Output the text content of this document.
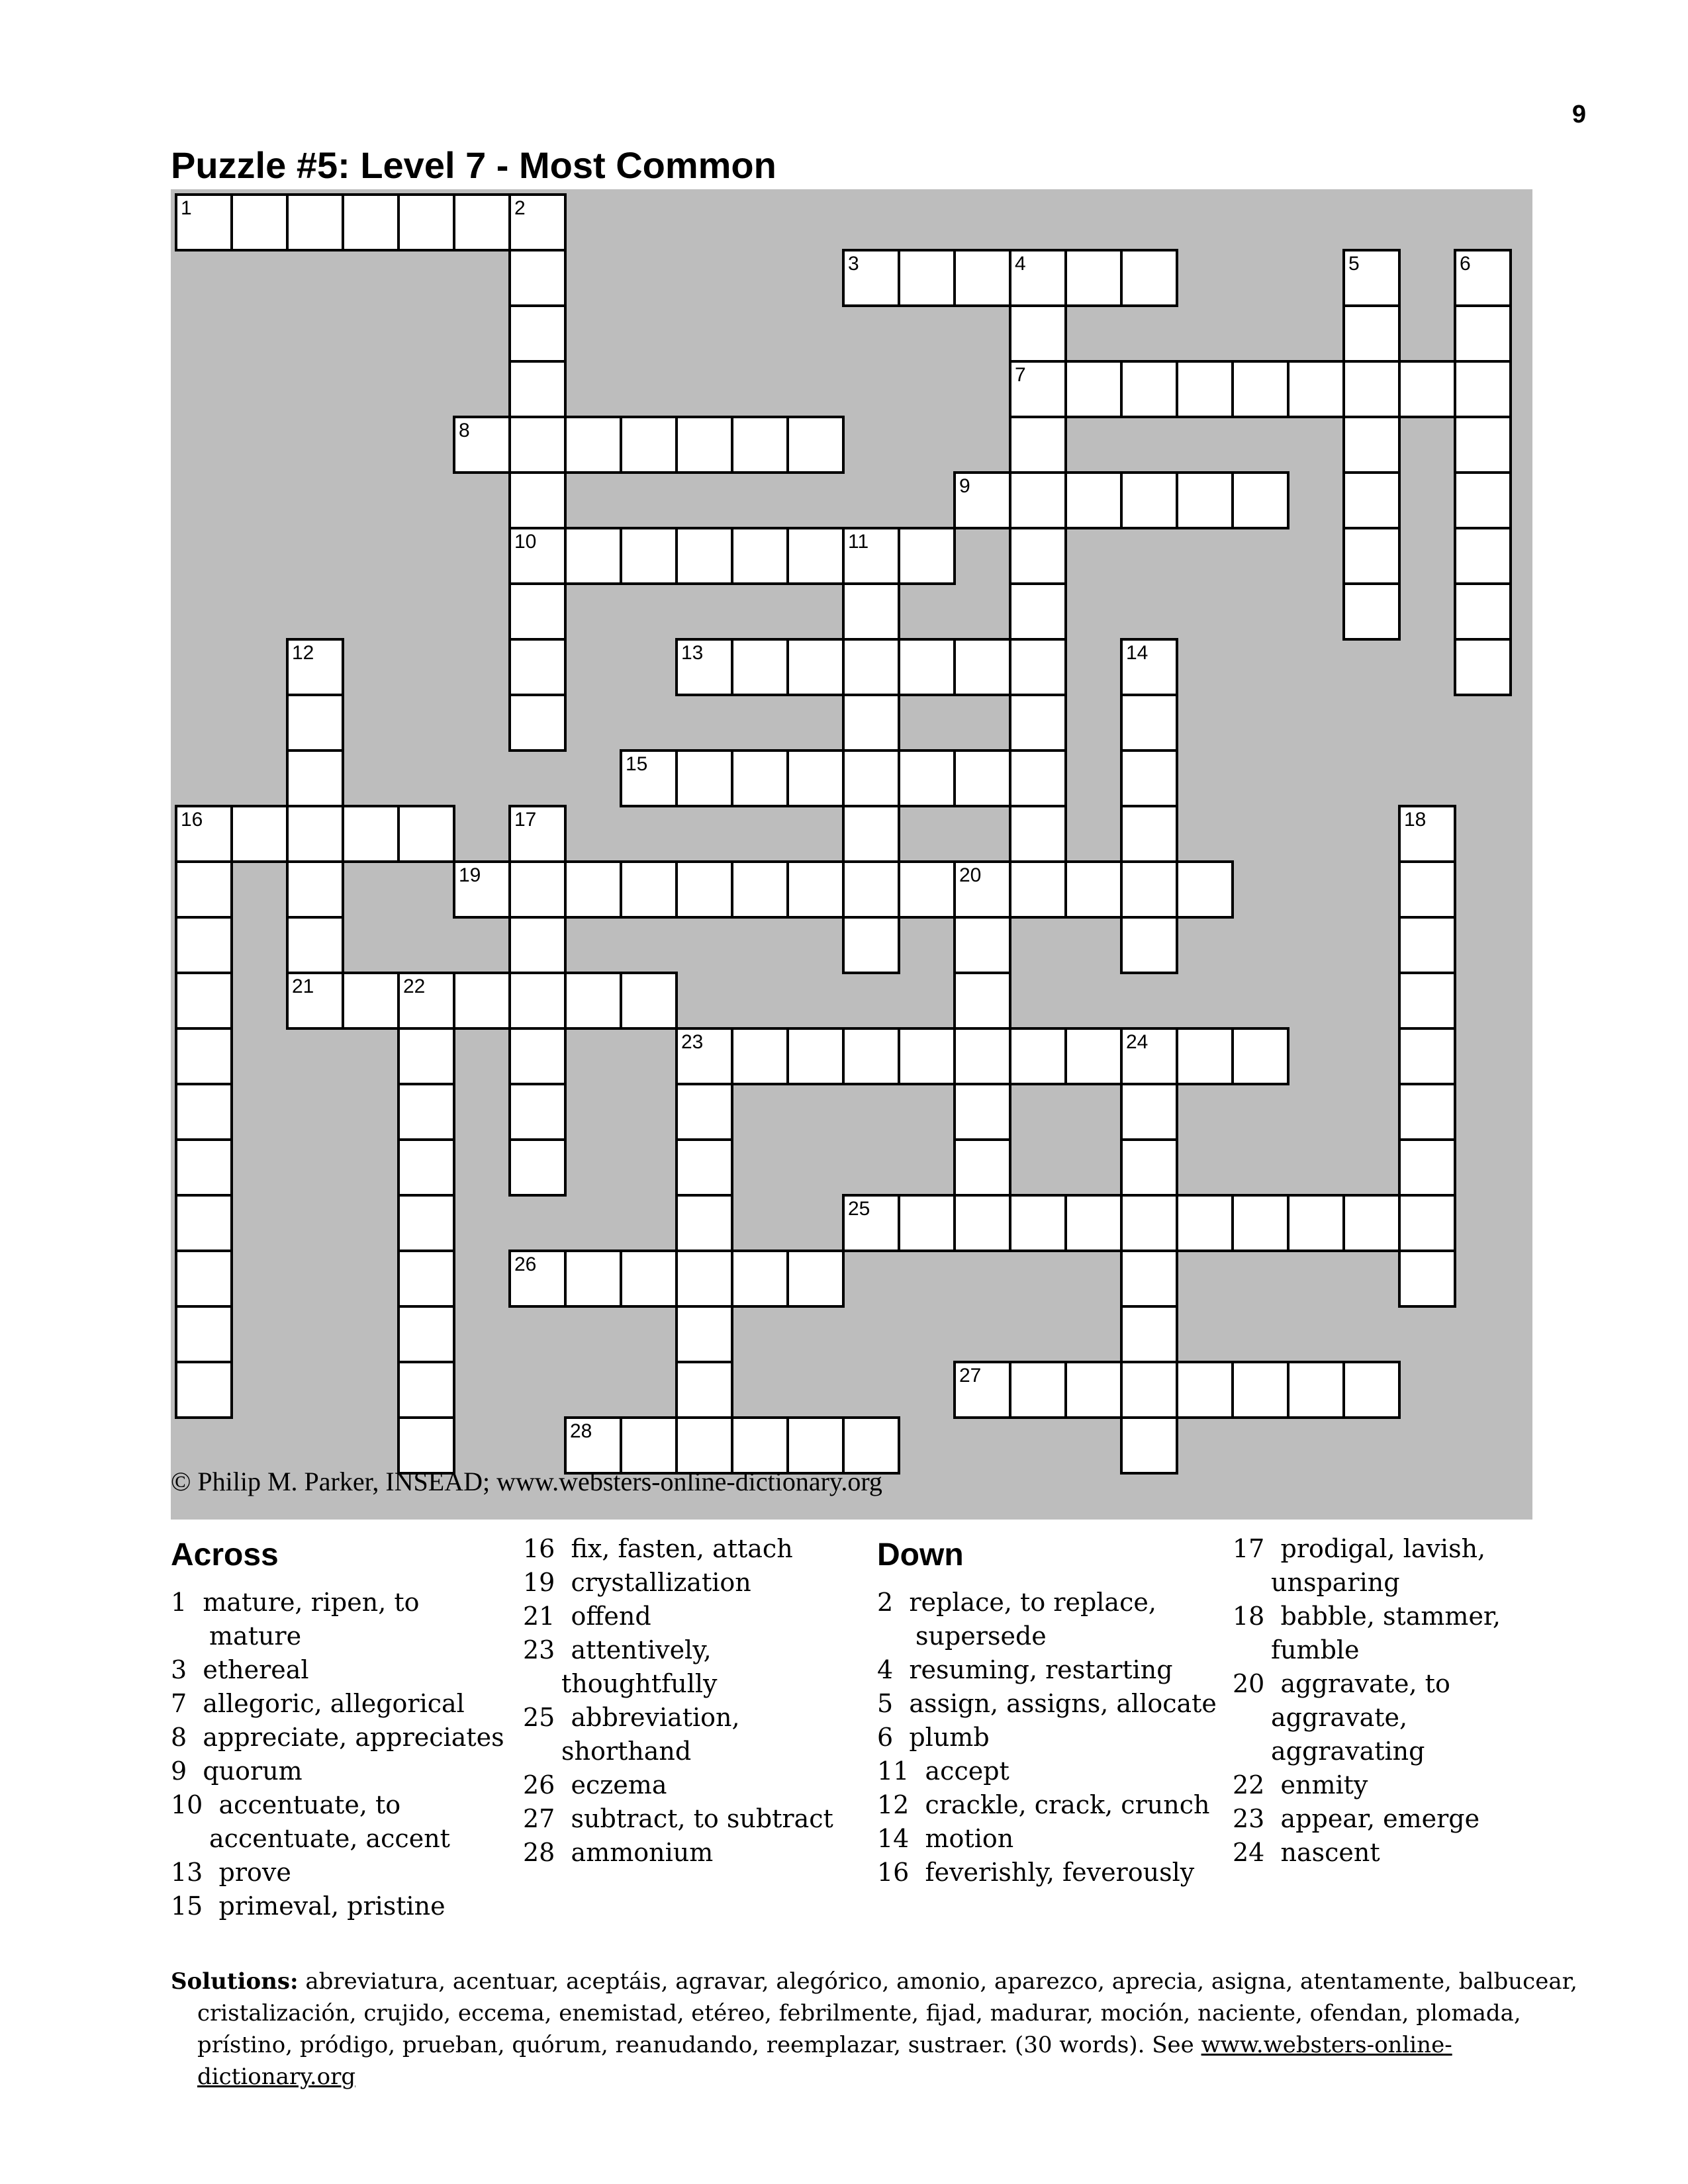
9
Puzzle #5: Level 7 - Most Common
1	2
3	4	5	6
7
8
9
10	11
12	13	14
15
16	17	18
19	20
21	22
23	24
25
26
27
28
© Philip M. Parker, INSEAD; www.websters-online-dictionary.org
Across
1  mature, ripen, to mature
3  ethereal
7  allegoric, allegorical
8  appreciate, appreciates
9  quorum
10  accentuate, to accentuate, accent
13  prove
15  primeval, pristine
16  fix, fasten, attach
19  crystallization
21  offend
23  attentively, thoughtfully
25  abbreviation, shorthand
26  eczema
27  subtract, to subtract
28  ammonium
Down
2  replace, to replace, supersede
4  resuming, restarting
5  assign, assigns, allocate
6  plumb
11  accept
12  crackle, crack, crunch
14  motion
16  feverishly, feverously
17  prodigal, lavish, unsparing
18  babble, stammer, fumble
20  aggravate, to aggravate, aggravating
22  enmity
23  appear, emerge
24  nascent

Solutions: abreviatura, acentuar, aceptáis, agravar, alegórico, amonio, aparezco, aprecia, asigna, atentamente, balbucear, cristalización, crujido, eccema, enemistad, etéreo, febrilmente, fijad, madurar, moción, naciente, ofendan, plomada, prístino, pródigo, prueban, quórum, reanudando, reemplazar, sustraer. (30 words). See www.websters-online-dictionary.org
